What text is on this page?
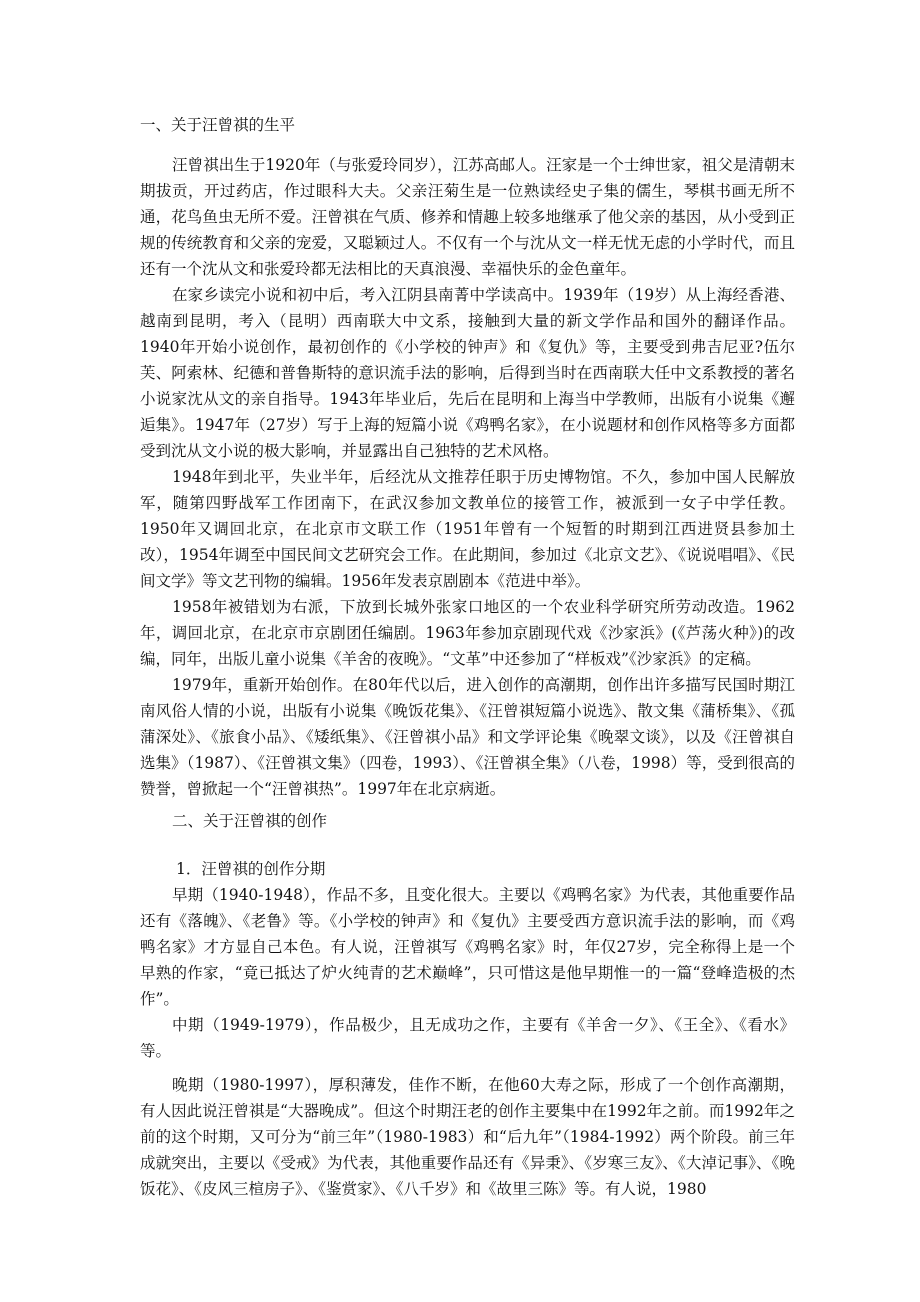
一、关于汪曾祺的生平

汪曾祺出生于1920年（与张爱玲同岁），江苏高邮人。汪家是一个士绅世家，祖父是清朝末期拔贡，开过药店，作过眼科大夫。父亲汪菊生是一位熟读经史子集的儒生，琴棋书画无所不通，花鸟鱼虫无所不爱。汪曾祺在气质、修养和情趣上较多地继承了他父亲的基因，从小受到正规的传统教育和父亲的宠爱，又聪颖过人。不仅有一个与沈从文一样无忧无虑的小学时代，而且还有一个沈从文和张爱玲都无法相比的天真浪漫、幸福快乐的金色童年。

在家乡读完小说和初中后，考入江阴县南菁中学读高中。1939年（19岁）从上海经香港、越南到昆明，考入（昆明）西南联大中文系，接触到大量的新文学作品和国外的翻译作品。1940年开始小说创作，最初创作的《小学校的钟声》和《复仇》等，主要受到弗吉尼亚?伍尔芙、阿索林、纪德和普鲁斯特的意识流手法的影响，后得到当时在西南联大任中文系教授的著名小说家沈从文的亲自指导。1943年毕业后，先后在昆明和上海当中学教师，出版有小说集《邂逅集》。1947年（27岁）写于上海的短篇小说《鸡鸭名家》，在小说题材和创作风格等多方面都受到沈从文小说的极大影响，并显露出自己独特的艺术风格。

1948年到北平，失业半年，后经沈从文推荐任职于历史博物馆。不久，参加中国人民解放军，随第四野战军工作团南下，在武汉参加文教单位的接管工作，被派到一女子中学任教。1950年又调回北京，在北京市文联工作（1951年曾有一个短暂的时期到江西进贤县参加土改），1954年调至中国民间文艺研究会工作。在此期间，参加过《北京文艺》、《说说唱唱》、《民间文学》等文艺刊物的编辑。1956年发表京剧剧本《范进中举》。

1958年被错划为右派，下放到长城外张家口地区的一个农业科学研究所劳动改造。1962年，调回北京，在北京市京剧团任编剧。1963年参加京剧现代戏《沙家浜》(《芦荡火种》)的改编，同年，出版儿童小说集《羊舍的夜晚》。“文革”中还参加了“样板戏”《沙家浜》的定稿。

1979年，重新开始创作。在80年代以后，进入创作的高潮期，创作出许多描写民国时期江南风俗人情的小说，出版有小说集《晚饭花集》、《汪曾祺短篇小说选》、散文集《蒲桥集》、《孤蒲深处》、《旅食小品》、《矮纸集》、《汪曾祺小品》和文学评论集《晚翠文谈》，以及《汪曾祺自选集》（1987）、《汪曾祺文集》（四卷，1993）、《汪曾祺全集》（八卷，1998）等，受到很高的赞誉，曾掀起一个“汪曾祺热”。1997年在北京病逝。

二、关于汪曾祺的创作

1．汪曾祺的创作分期

早期（1940-1948），作品不多，且变化很大。主要以《鸡鸭名家》为代表，其他重要作品还有《落魄》、《老鲁》等。《小学校的钟声》和《复仇》主要受西方意识流手法的影响，而《鸡鸭名家》才方显自己本色。有人说，汪曾祺写《鸡鸭名家》时，年仅27岁，完全称得上是一个早熟的作家，“竟已抵达了炉火纯青的艺术巅峰”，只可惜这是他早期惟一的一篇“登峰造极的杰作”。

中期（1949-1979），作品极少，且无成功之作，主要有《羊舍一夕》、《王全》、《看水》等。

晚期（1980-1997），厚积薄发，佳作不断，在他60大寿之际，形成了一个创作高潮期，有人因此说汪曾祺是“大器晚成”。但这个时期汪老的创作主要集中在1992年之前。而1992年之前的这个时期，又可分为“前三年”（1980-1983）和“后九年”（1984-1992）两个阶段。前三年成就突出，主要以《受戒》为代表，其他重要作品还有《异秉》、《岁寒三友》、《大淖记事》、《晚饭花》、《皮风三楦房子》、《鉴赏家》、《八千岁》和《故里三陈》等。有人说，1980
